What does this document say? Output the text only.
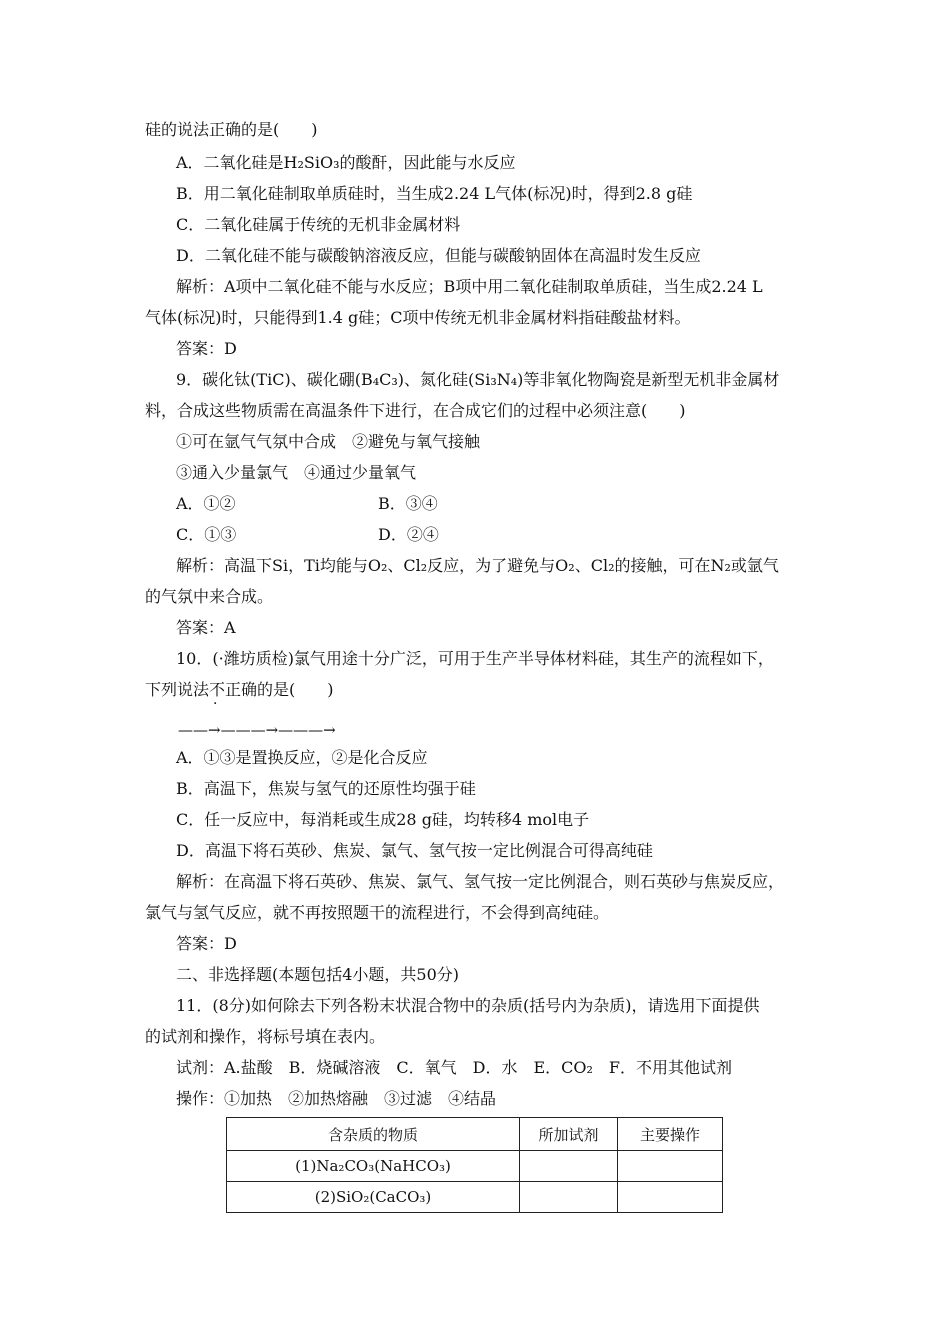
硅的说法正确的是(　　)
A．二氧化硅是H₂SiO₃的酸酐，因此能与水反应
B．用二氧化硅制取单质硅时，当生成2.24 L气体(标况)时，得到2.8 g硅
C．二氧化硅属于传统的无机非金属材料
D．二氧化硅不能与碳酸钠溶液反应，但能与碳酸钠固体在高温时发生反应
解析：A项中二氧化硅不能与水反应；B项中用二氧化硅制取单质硅，当生成2.24 L
气体(标况)时，只能得到1.4 g硅；C项中传统无机非金属材料指硅酸盐材料。
答案：D
9．碳化钛(TiC)、碳化硼(B₄C₃)、氮化硅(Si₃N₄)等非氧化物陶瓷是新型无机非金属材
料，合成这些物质需在高温条件下进行，在合成它们的过程中必须注意(　　)
①可在氩气气氛中合成　②避免与氧气接触
③通入少量氯气　④通过少量氧气
A．①②	B．③④
C．①③	D．②④
解析：高温下Si，Ti均能与O₂、Cl₂反应，为了避免与O₂、Cl₂的接触，可在N₂或氩气
的气氛中来合成。
答案：A
10．(·潍坊质检)氯气用途十分广泛，可用于生产半导体材料硅，其生产的流程如下，
下列说法不正确的是(　　)
——→———→———→
A．①③是置换反应，②是化合反应
B．高温下，焦炭与氢气的还原性均强于硅
C．任一反应中，每消耗或生成28 g硅，均转移4 mol电子
D．高温下将石英砂、焦炭、氯气、氢气按一定比例混合可得高纯硅
解析：在高温下将石英砂、焦炭、氯气、氢气按一定比例混合，则石英砂与焦炭反应，
氯气与氢气反应，就不再按照题干的流程进行，不会得到高纯硅。
答案：D
二、非选择题(本题包括4小题，共50分)
11．(8分)如何除去下列各粉末状混合物中的杂质(括号内为杂质)，请选用下面提供
的试剂和操作，将标号填在表内。
试剂：A.盐酸　B．烧碱溶液　C．氧气　D．水　E．CO₂　F．不用其他试剂
操作：①加热　②加热熔融　③过滤　④结晶
含杂质的物质	所加试剂	主要操作
(1)Na₂CO₃(NaHCO₃)		
(2)SiO₂(CaCO₃)		
